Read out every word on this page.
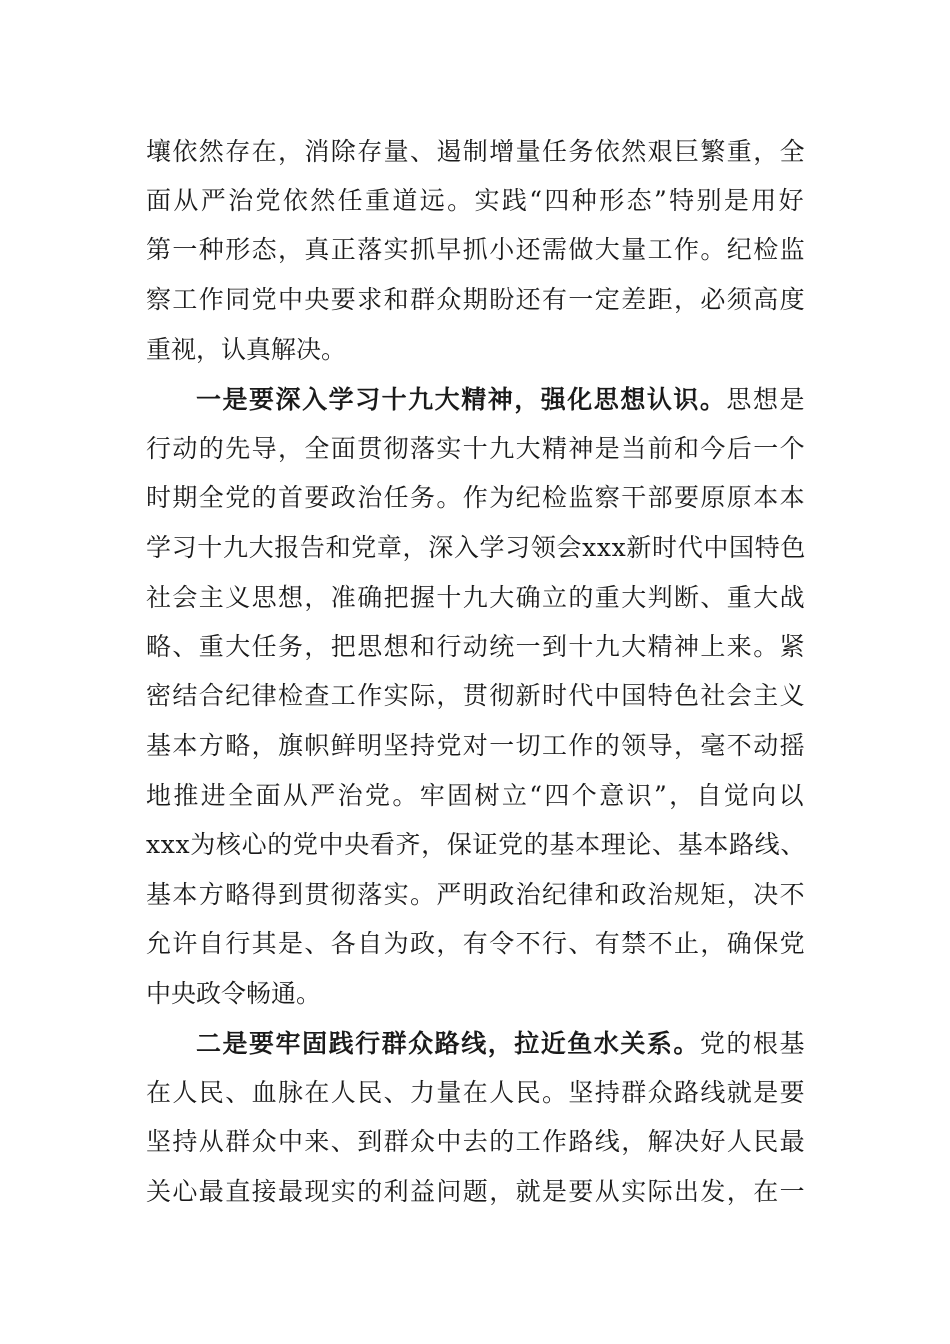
壤依然存在，消除存量、遏制增量任务依然艰巨繁重，全
面从严治党依然任重道远。实践“四种形态”特别是用好
第一种形态，真正落实抓早抓小还需做大量工作。纪检监
察工作同党中央要求和群众期盼还有一定差距，必须高度
重视，认真解决。
一是要深入学习十九大精神，强化思想认识。思想是
行动的先导，全面贯彻落实十九大精神是当前和今后一个
时期全党的首要政治任务。作为纪检监察干部要原原本本
学习十九大报告和党章，深入学习领会xxx新时代中国特色
社会主义思想，准确把握十九大确立的重大判断、重大战
略、重大任务，把思想和行动统一到十九大精神上来。紧
密结合纪律检查工作实际，贯彻新时代中国特色社会主义
基本方略，旗帜鲜明坚持党对一切工作的领导，毫不动摇
地推进全面从严治党。牢固树立“四个意识”，自觉向以
xxx为核心的党中央看齐，保证党的基本理论、基本路线、
基本方略得到贯彻落实。严明政治纪律和政治规矩，决不
允许自行其是、各自为政，有令不行、有禁不止，确保党
中央政令畅通。
二是要牢固践行群众路线，拉近鱼水关系。党的根基
在人民、血脉在人民、力量在人民。坚持群众路线就是要
坚持从群众中来、到群众中去的工作路线，解决好人民最
关心最直接最现实的利益问题，就是要从实际出发，在一
